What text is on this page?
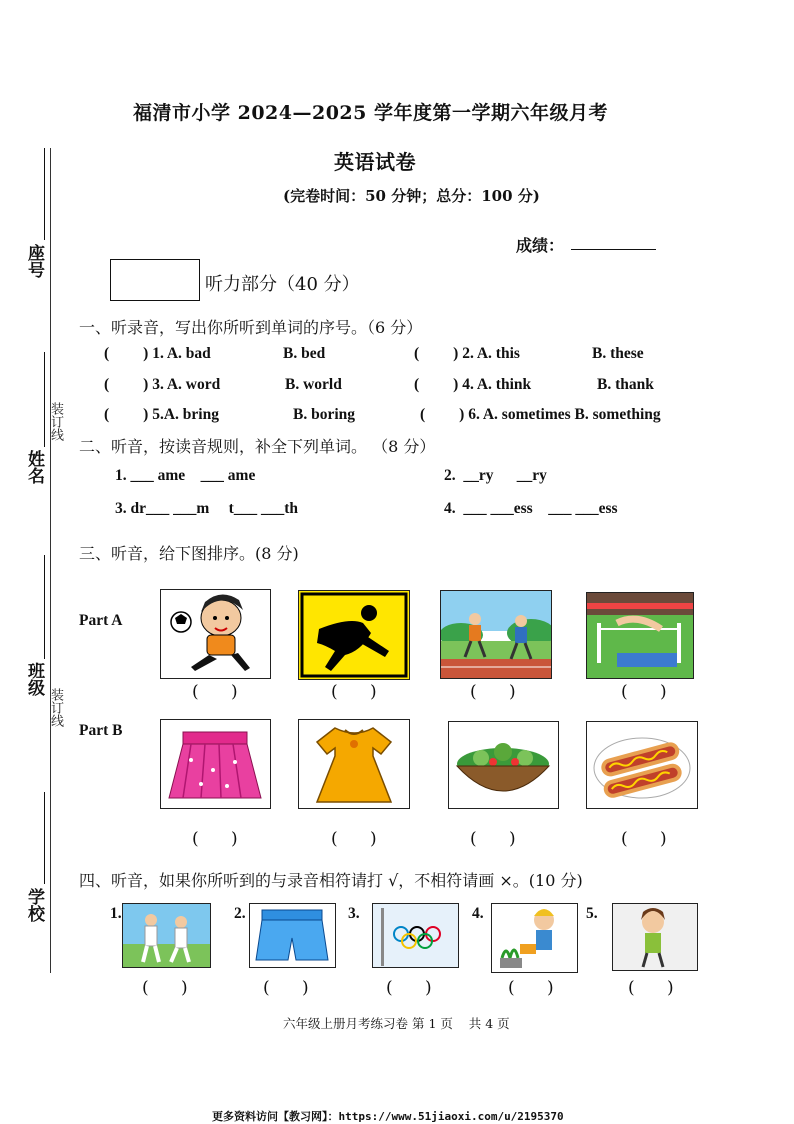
座号
姓名
班级
学校
装订线
装订线
福清市小学 2024—2025 学年度第一学期六年级月考
英语试卷
(完卷时间：50 分钟；总分：100 分)
成绩：
听力部分（40 分）
一、听录音，写出你所听到单词的序号。（6 分）
( ) 1. A. bad	B. bed	( ) 2. A. this	B. these
( ) 3. A. word	B. world	( ) 4. A. think	B. thank
( ) 5.A. bring	B. boring	( ) 6. A. sometimes B. something
二、听音，按读音规则，补全下列单词。 （8 分）
1. ___ ame    ___ ame	2.  __ry      __ry
3. dr___ ___m     t___ ___th	4.  ___ ___ess    ___ ___ess
三、听音，给下图排序。(8 分)
Part A
Part B
(      )	(      )	(      )	(      )
(      )	(      )	(      )	(      )
四、听音，如果你所听到的与录音相符请打 √，不相符请画 ×。(10 分)
1.	2.	3.	4.	5.
(      )	(      )	(      )	(      )	(      )
六年级上册月考练习卷 第 1 页    共 4 页
更多资料访问【教习网】：https://www.51jiaoxi.com/u/2195370
